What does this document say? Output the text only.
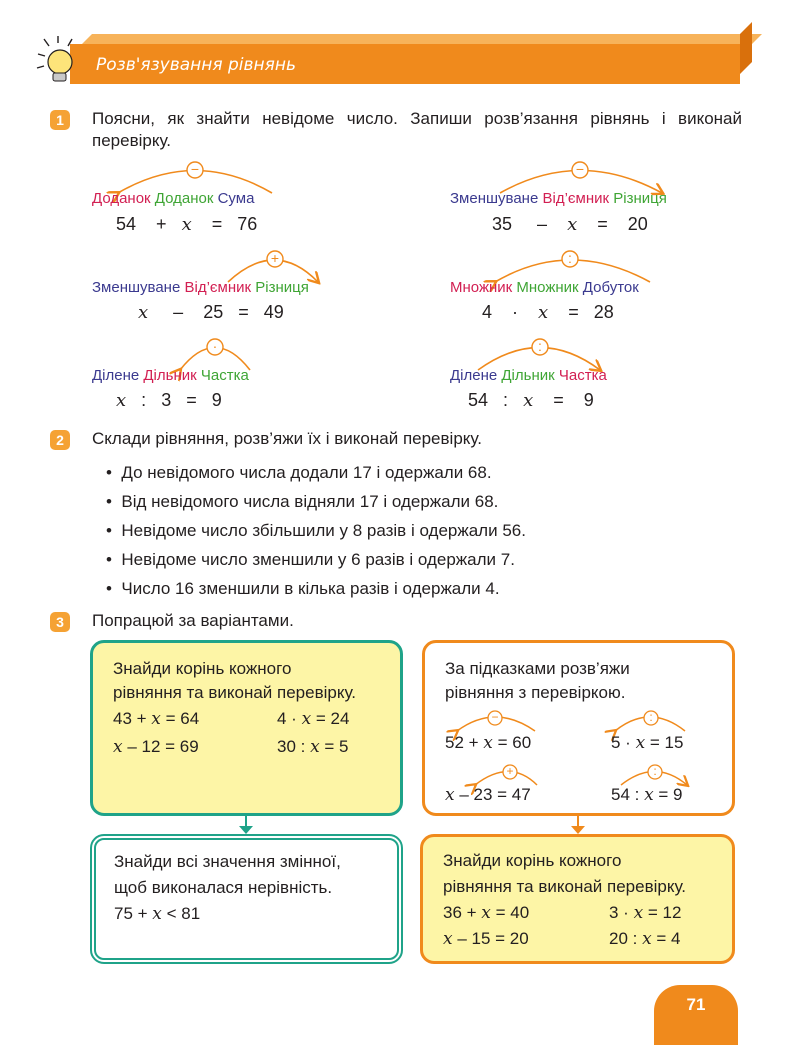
Розв'язування рівнянь
1	Поясни, як знайти невідоме число. Запиши розв’язання рівнянь і виконай перевірку.
−	−
+	:
·	:
Доданок Доданок Сума	Зменшуване Від’ємник Різниця
Зменшуване Від’ємник Різниця	Множник Множник Добуток
Ділене Дільник Частка	Ділене Дільник Частка
54 + x = 76	35 – x = 20
x – 25 = 49	4 · x = 28
x : 3 = 9	54 : x = 9
2	Склади рівняння, розв’яжи їх і виконай перевірку.
•  До невідомого числа додали 17 і одержали 68.
•  Від невідомого числа відняли 17 і одержали 68.
•  Невідоме число збільшили у 8 разів і одержали 56.
•  Невідоме число зменшили у 6 разів і одержали 7.
•  Число 16 зменшили в кілька разів і одержали 4.
3	Попрацюй за варіантами.
Знайди корінь кожного
рівняння та виконай перевірку.
43 + x = 64	4 · x = 24
x – 12 = 69	30 : x = 5
За підказками розв’яжи
рівняння з перевіркою.
−	:
+	:
52 + x = 60	5 · x = 15
x – 23 = 47	54 : x = 9
Знайди всі значення змінної,
щоб виконалася нерівність.
75 + x < 81
Знайди корінь кожного
рівняння та виконай перевірку.
36 + x = 40	3 · x = 12
x – 15 = 20	20 : x = 4
71
